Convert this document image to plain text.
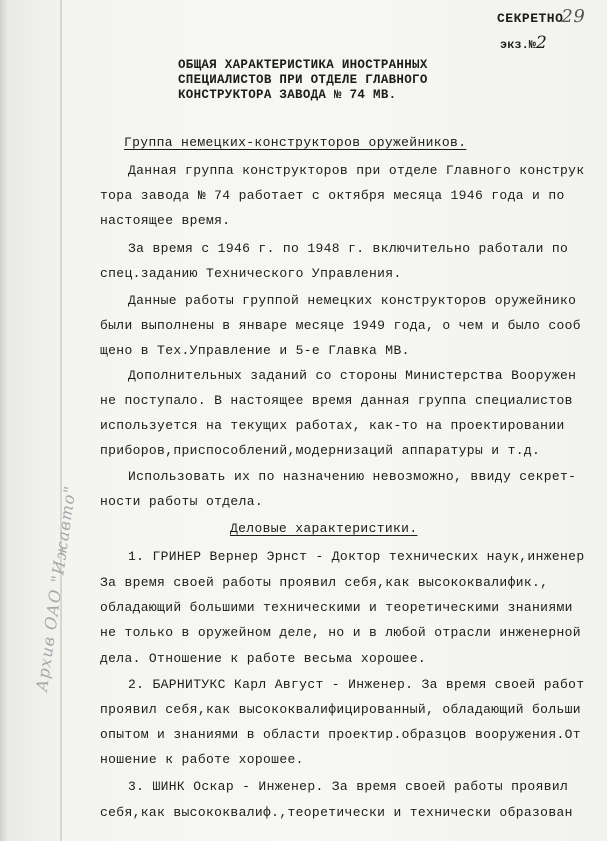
Архив ОАО "Ижавто"
СЕКРЕТНО29
экз.№2
ОБЩАЯ ХАРАКТЕРИСТИКА ИНОСТРАННЫХ
СПЕЦИАЛИСТОВ ПРИ ОТДЕЛЕ ГЛАВНОГО
КОНСТРУКТОРА ЗАВОДА № 74 МВ.
Группа немецких-конструкторов оружейников.
Данная группа конструкторов при отделе Главного конструк
тора завода № 74 работает с октября месяца 1946 года и по
настоящее время.
За время с 1946 г. по 1948 г. включительно работали по
спец.заданию Технического Управления.
Данные работы группой немецких конструкторов оружейнико
были выполнены в январе месяце 1949 года, о чем и было сооб
щено в Тех.Управление и 5-е Главка МВ.
Дополнительных заданий со стороны Министерства Вооружен
не поступало. В настоящее время данная группа специалистов
используется на текущих работах, как-то на проектировании
приборов,приспособлений,модернизаций аппаратуры и т.д.
Использовать их по назначению невозможно, ввиду секрет-
ности работы отдела.
Деловые характеристики.
1. ГРИНЕР Вернер Эрнст - Доктор технических наук,инженер
За время своей работы проявил себя,как высококвалифик.,
обладающий большими техническими и теоретическими знаниями
не только в оружейном деле, но и в любой отрасли инженерной
дела. Отношение к работе весьма хорошее.
2. БАРНИТУКС Карл Август - Инженер. За время своей работ
проявил себя,как высококвалифицированный, обладающий больши
опытом и знаниями в области проектир.образцов вооружения.От
ношение к работе хорошее.
3. ШИНК Оскар - Инженер. За время своей работы проявил
себя,как высококвалиф.,теоретически и технически образован
